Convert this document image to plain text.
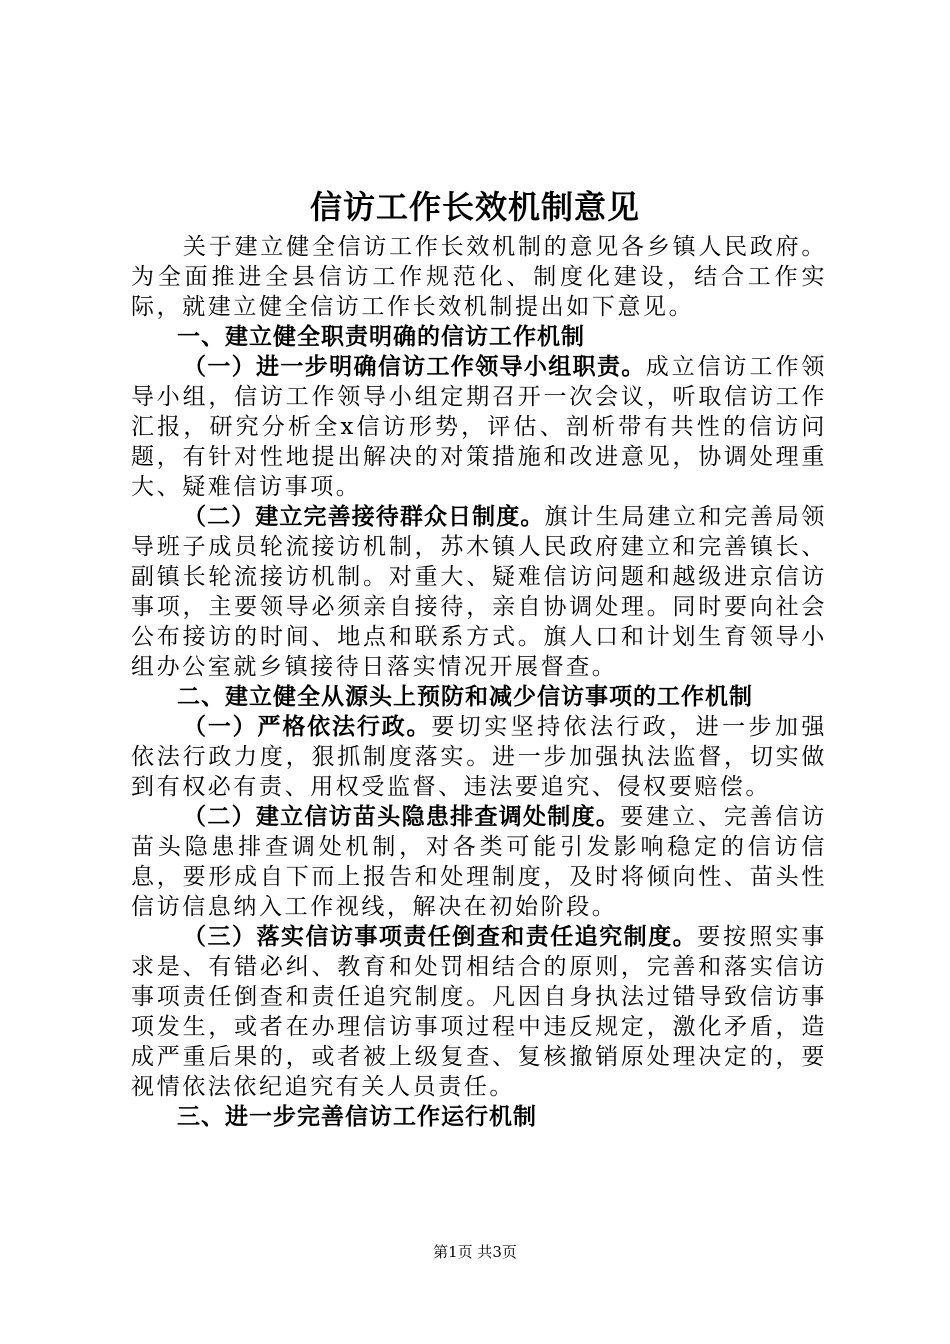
信访工作长效机制意见

关于建立健全信访工作长效机制的意见各乡镇人民政府。为全面推进全县信访工作规范化、制度化建设，结合工作实际，就建立健全信访工作长效机制提出如下意见。

一、建立健全职责明确的信访工作机制

（一）进一步明确信访工作领导小组职责。成立信访工作领导小组，信访工作领导小组定期召开一次会议，听取信访工作汇报，研究分析全x信访形势，评估、剖析带有共性的信访问题，有针对性地提出解决的对策措施和改进意见，协调处理重大、疑难信访事项。

（二）建立完善接待群众日制度。旗计生局建立和完善局领导班子成员轮流接访机制，苏木镇人民政府建立和完善镇长、副镇长轮流接访机制。对重大、疑难信访问题和越级进京信访事项，主要领导必须亲自接待，亲自协调处理。同时要向社会公布接访的时间、地点和联系方式。旗人口和计划生育领导小组办公室就乡镇接待日落实情况开展督查。

二、建立健全从源头上预防和减少信访事项的工作机制

（一）严格依法行政。要切实坚持依法行政，进一步加强依法行政力度，狠抓制度落实。进一步加强执法监督，切实做到有权必有责、用权受监督、违法要追究、侵权要赔偿。

（二）建立信访苗头隐患排查调处制度。要建立、完善信访苗头隐患排查调处机制，对各类可能引发影响稳定的信访信息，要形成自下而上报告和处理制度，及时将倾向性、苗头性信访信息纳入工作视线，解决在初始阶段。

（三）落实信访事项责任倒查和责任追究制度。要按照实事求是、有错必纠、教育和处罚相结合的原则，完善和落实信访事项责任倒查和责任追究制度。凡因自身执法过错导致信访事项发生，或者在办理信访事项过程中违反规定，激化矛盾，造成严重后果的，或者被上级复查、复核撤销原处理决定的，要视情依法依纪追究有关人员责任。

三、进一步完善信访工作运行机制

第1页 共3页
